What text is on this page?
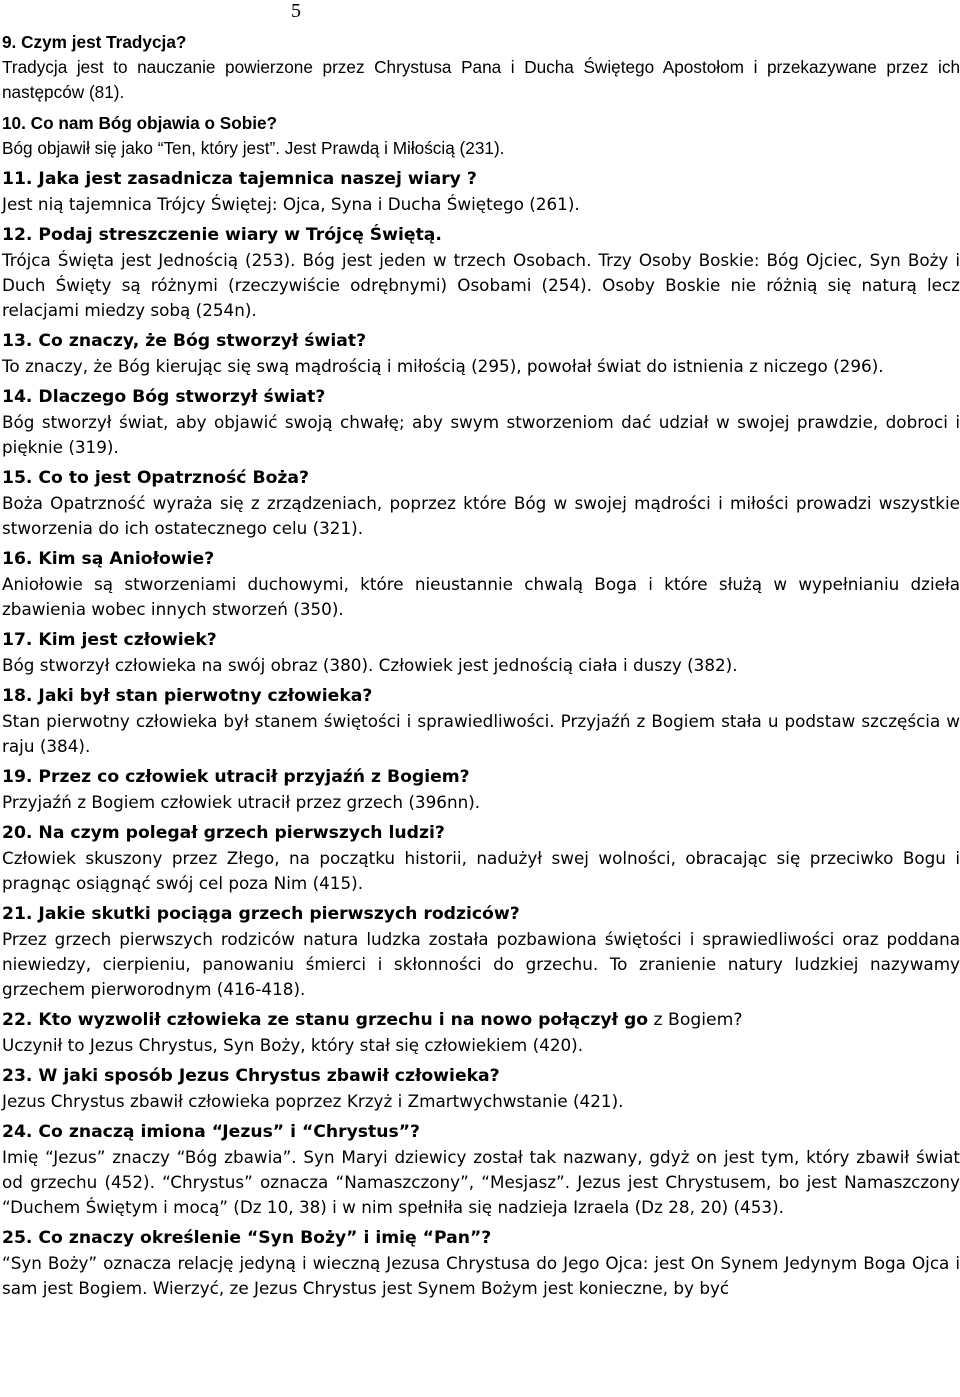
5
9. Czym jest Tradycja?
Tradycja jest to nauczanie powierzone przez Chrystusa Pana i Ducha Świętego Apostołom i przekazywane przez ich następców (81).
10. Co nam Bóg objawia o Sobie?
Bóg objawił się jako “Ten, który jest”. Jest Prawdą i Miłością (231).
11. Jaka jest zasadnicza tajemnica naszej wiary ?
Jest nią tajemnica Trójcy Świętej: Ojca, Syna i Ducha Świętego (261).
12. Podaj streszczenie wiary w Trójcę Świętą.
Trójca Święta jest Jednością (253). Bóg jest jeden w trzech Osobach. Trzy Osoby Boskie: Bóg Ojciec, Syn Boży i Duch Święty są różnymi (rzeczywiście odrębnymi) Osobami (254). Osoby Boskie nie różnią się naturą lecz relacjami miedzy sobą (254n).
13. Co znaczy, że Bóg stworzył świat?
To znaczy, że Bóg kierując się swą mądrością i miłością (295), powołał świat do istnienia z niczego (296).
14. Dlaczego Bóg stworzył świat?
Bóg stworzył świat, aby objawić swoją chwałę; aby swym stworzeniom dać udział w swojej prawdzie, dobroci i pięknie (319).
15. Co to jest Opatrzność Boża?
Boża Opatrzność wyraża się z zrządzeniach, poprzez które Bóg w swojej mądrości i miłości prowadzi wszystkie stworzenia do ich ostatecznego celu (321).
16. Kim są Aniołowie?
Aniołowie są stworzeniami duchowymi, które nieustannie chwalą Boga i które służą w wypełnianiu dzieła zbawienia wobec innych stworzeń (350).
17. Kim jest człowiek?
Bóg stworzył człowieka na swój obraz (380). Człowiek jest jednością ciała i duszy (382).
18. Jaki był stan pierwotny człowieka?
Stan pierwotny człowieka był stanem świętości i sprawiedliwości. Przyjaźń z Bogiem stała u podstaw szczęścia w raju (384).
19. Przez co człowiek utracił przyjaźń z Bogiem?
Przyjaźń z Bogiem człowiek utracił przez grzech (396nn).
20. Na czym polegał grzech pierwszych ludzi?
Człowiek skuszony przez Złego, na początku historii, nadużył swej wolności, obracając się przeciwko Bogu i pragnąc osiągnąć swój cel poza Nim (415).
21. Jakie skutki pociąga grzech pierwszych rodziców?
Przez grzech pierwszych rodziców natura ludzka została pozbawiona świętości i sprawiedliwości oraz poddana niewiedzy, cierpieniu, panowaniu śmierci i skłonności do grzechu. To zranienie natury ludzkiej nazywamy grzechem pierworodnym (416-418).
22. Kto wyzwolił człowieka ze stanu grzechu i na nowo połączył go z Bogiem?
Uczynił to Jezus Chrystus, Syn Boży, który stał się człowiekiem (420).
23. W jaki sposób Jezus Chrystus zbawił człowieka?
Jezus Chrystus zbawił człowieka poprzez Krzyż i Zmartwychwstanie (421).
24. Co znaczą imiona “Jezus” i “Chrystus”?
Imię “Jezus” znaczy “Bóg zbawia”. Syn Maryi dziewicy został tak nazwany, gdyż on jest tym, który zbawił świat od grzechu (452). “Chrystus” oznacza “Namaszczony”, “Mesjasz”. Jezus jest Chrystusem, bo jest Namaszczony “Duchem Świętym i mocą” (Dz 10, 38) i w nim spełniła się nadzieja Izraela (Dz 28, 20) (453).
25. Co znaczy określenie “Syn Boży” i imię “Pan”?
“Syn Boży” oznacza relację jedyną i wieczną Jezusa Chrystusa do Jego Ojca: jest On Synem Jedynym Boga Ojca i sam jest Bogiem. Wierzyć, ze Jezus Chrystus jest Synem Bożym jest konieczne, by być
